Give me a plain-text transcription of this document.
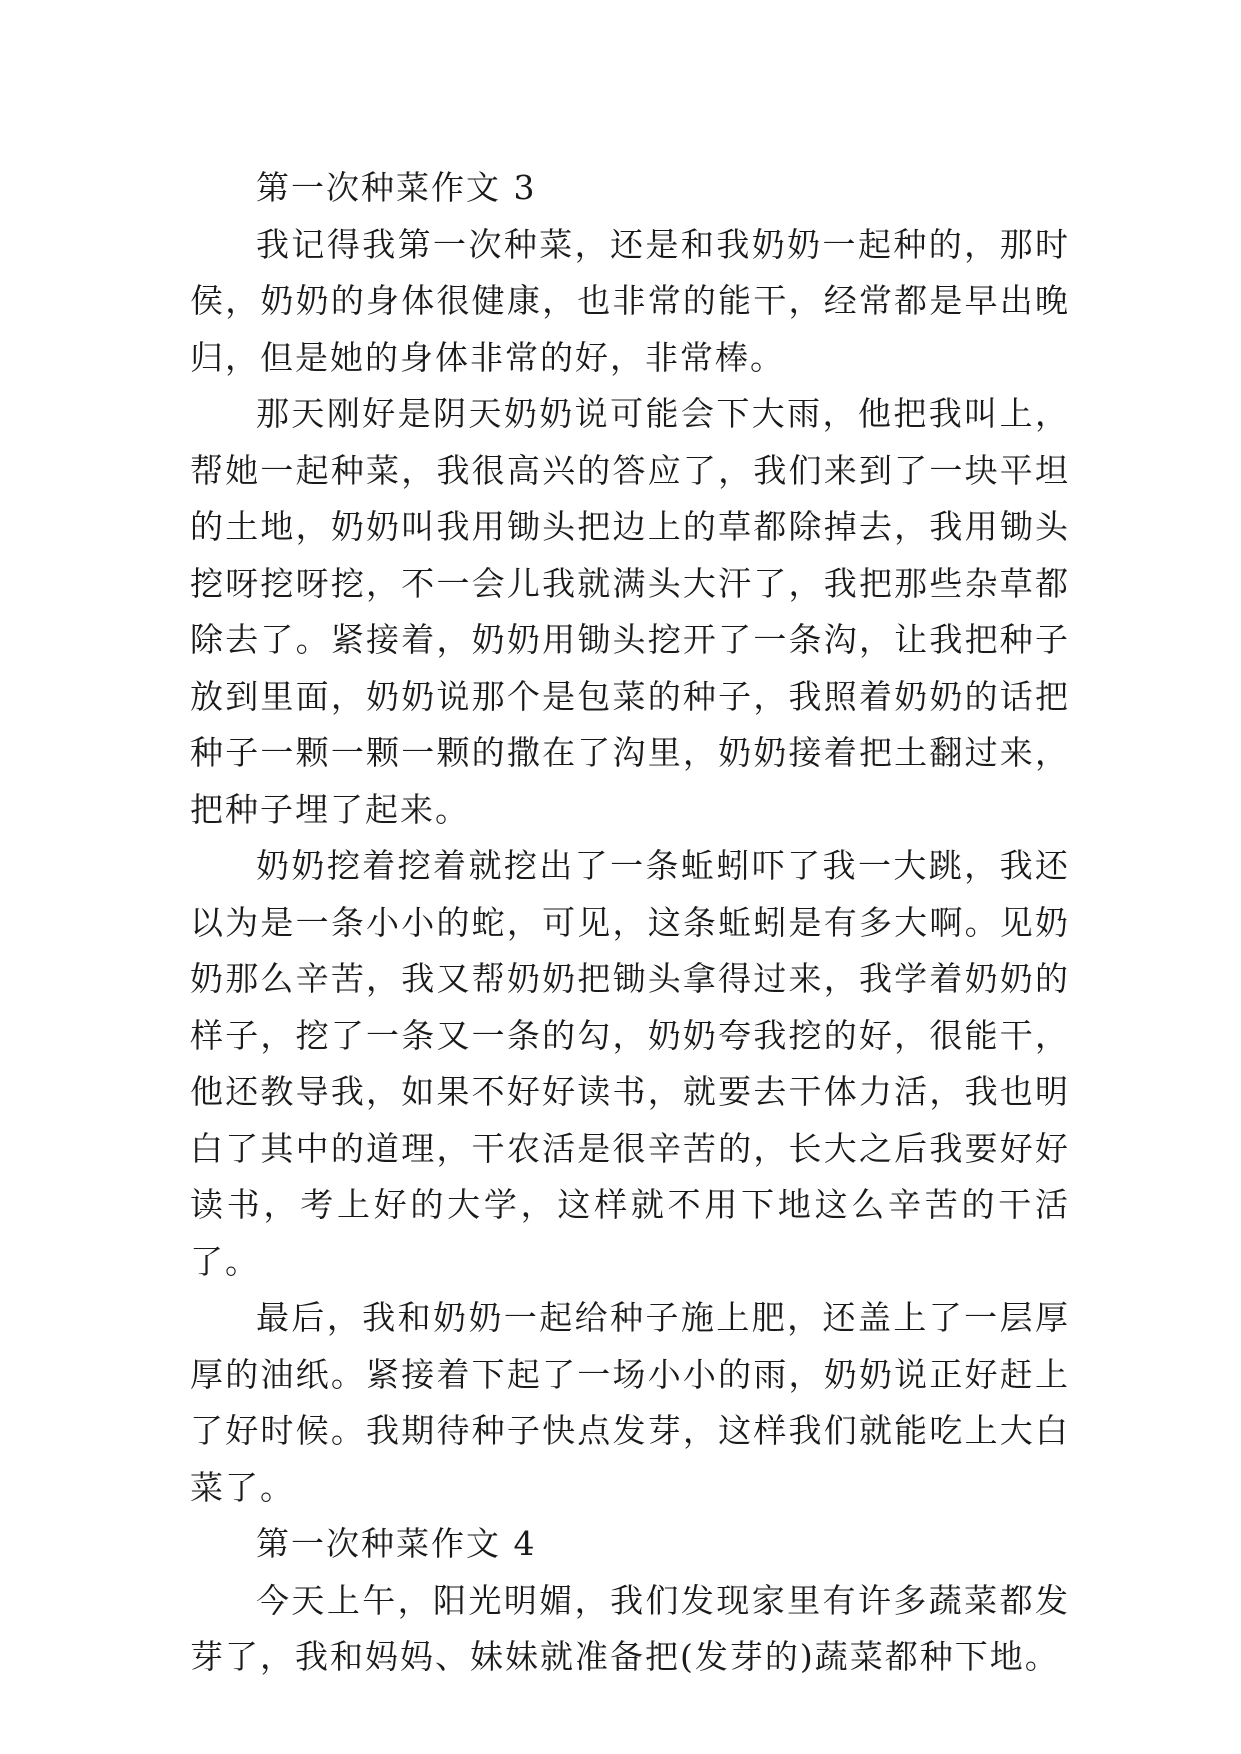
第一次种菜作文 3

我记得我第一次种菜，还是和我奶奶一起种的，那时侯，奶奶的身体很健康，也非常的能干，经常都是早出晚归，但是她的身体非常的好，非常棒。

那天刚好是阴天奶奶说可能会下大雨，他把我叫上，帮她一起种菜，我很高兴的答应了，我们来到了一块平坦的土地，奶奶叫我用锄头把边上的草都除掉去，我用锄头挖呀挖呀挖，不一会儿我就满头大汗了，我把那些杂草都除去了。紧接着，奶奶用锄头挖开了一条沟，让我把种子放到里面，奶奶说那个是包菜的种子，我照着奶奶的话把种子一颗一颗一颗的撒在了沟里，奶奶接着把土翻过来，把种子埋了起来。

奶奶挖着挖着就挖出了一条蚯蚓吓了我一大跳，我还以为是一条小小的蛇，可见，这条蚯蚓是有多大啊。见奶奶那么辛苦，我又帮奶奶把锄头拿得过来，我学着奶奶的样子，挖了一条又一条的勾，奶奶夸我挖的好，很能干，他还教导我，如果不好好读书，就要去干体力活，我也明白了其中的道理，干农活是很辛苦的，长大之后我要好好读书，考上好的大学，这样就不用下地这么辛苦的干活了。

最后，我和奶奶一起给种子施上肥，还盖上了一层厚厚的油纸。紧接着下起了一场小小的雨，奶奶说正好赶上了好时候。我期待种子快点发芽，这样我们就能吃上大白菜了。

第一次种菜作文 4

今天上午，阳光明媚，我们发现家里有许多蔬菜都发芽了，我和妈妈、妹妹就准备把(发芽的)蔬菜都种下地。
